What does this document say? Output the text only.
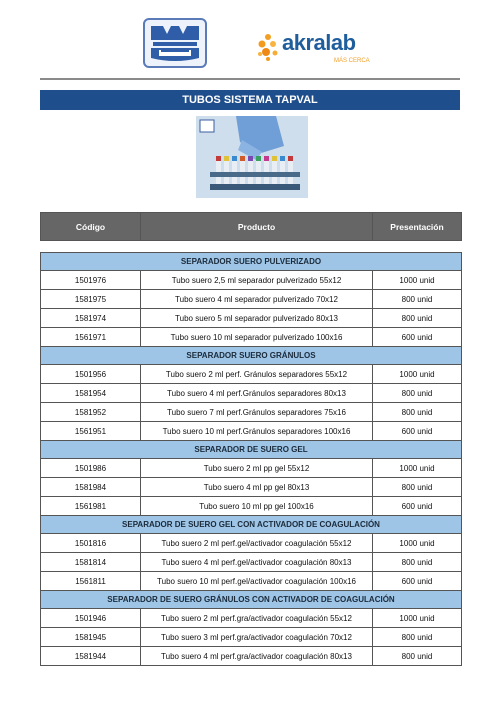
akralab
MÁS CERCA
TUBOS SISTEMA TAPVAL
Código	Producto	Presentación

SEPARADOR SUERO PULVERIZADO		
1501976	Tubo suero 2,5 ml separador pulverizado 55x12	1000 unid
1581975	Tubo suero 4 ml separador pulverizado 70x12	800 unid
1581974	Tubo suero 5 ml separador pulverizado 80x13	800 unid
1561971	Tubo suero 10 ml separador pulverizado 100x16	600 unid
SEPARADOR SUERO GRÁNULOS		
1501956	Tubo suero 2 ml perf. Gránulos separadores 55x12	1000 unid
1581954	Tubo suero 4 ml perf.Gránulos separadores 80x13	800 unid
1581952	Tubo suero 7 ml perf.Gránulos separadores 75x16	800 unid
1561951	Tubo suero 10 ml perf.Gránulos separadores 100x16	600 unid
SEPARADOR DE SUERO GEL		
1501986	Tubo suero 2 ml pp gel 55x12	1000 unid
1581984	Tubo suero 4 ml pp gel 80x13	800 unid
1561981	Tubo suero 10 ml pp gel 100x16	600 unid
SEPARADOR DE SUERO GEL CON ACTIVADOR DE COAGULACIÓN		
1501816	Tubo suero 2 ml perf.gel/activador coagulación 55x12	1000 unid
1581814	Tubo suero 4 ml perf.gel/activador coagulación 80x13	800 unid
1561811	Tubo suero 10 ml perf.gel/activador coagulación 100x16	600 unid
SEPARADOR DE SUERO GRÁNULOS CON ACTIVADOR DE COAGULACIÓN		
1501946	Tubo suero 2 ml perf.gra/activador coagulación 55x12	1000 unid
1581945	Tubo suero 3 ml perf.gra/activador coagulación 70x12	800 unid
1581944	Tubo suero 4 ml perf.gra/activador coagulación 80x13	800 unid
